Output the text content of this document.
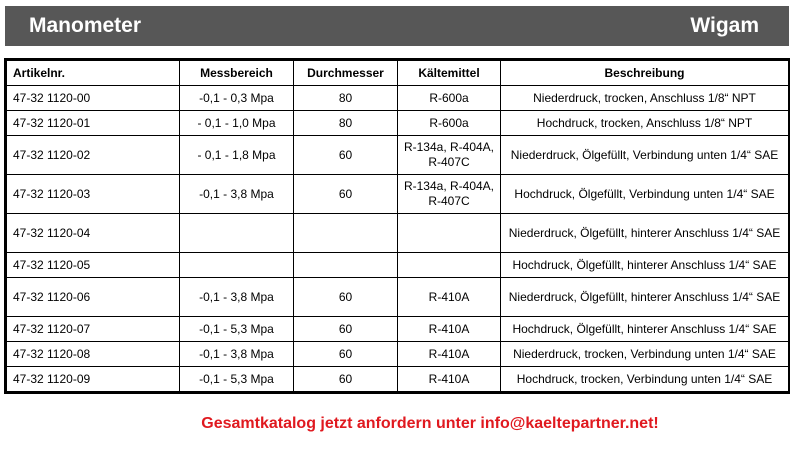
Manometer	Wigam
Artikelnr.	Messbereich	Durchmesser	Kältemittel	Beschreibung
47-32 1120-00	-0,1 - 0,3 Mpa	80	R-600a	Niederdruck, trocken, Anschluss 1/8“ NPT
47-32 1120-01	- 0,1 - 1,0 Mpa	80	R-600a	Hochdruck, trocken, Anschluss 1/8“ NPT
47-32 1120-02	- 0,1 - 1,8 Mpa	60	R-134a, R-404A, R-407C	Niederdruck, Ölgefüllt, Verbindung unten 1/4“ SAE
47-32 1120-03	-0,1 - 3,8 Mpa	60	R-134a, R-404A, R-407C	Hochdruck, Ölgefüllt, Verbindung unten 1/4“ SAE
47-32 1120-04				Niederdruck, Ölgefüllt, hinterer Anschluss 1/4“ SAE
47-32 1120-05				Hochdruck, Ölgefüllt, hinterer Anschluss 1/4“ SAE
47-32 1120-06	-0,1 - 3,8 Mpa	60	R-410A	Niederdruck, Ölgefüllt, hinterer Anschluss 1/4“ SAE
47-32 1120-07	-0,1 - 5,3 Mpa	60	R-410A	Hochdruck, Ölgefüllt, hinterer Anschluss 1/4“ SAE
47-32 1120-08	-0,1 - 3,8 Mpa	60	R-410A	Niederdruck, trocken, Verbindung unten 1/4“ SAE
47-32 1120-09	-0,1 - 5,3 Mpa	60	R-410A	Hochdruck, trocken, Verbindung unten 1/4“ SAE
Gesamtkatalog jetzt anfordern unter info@kaeltepartner.net!
